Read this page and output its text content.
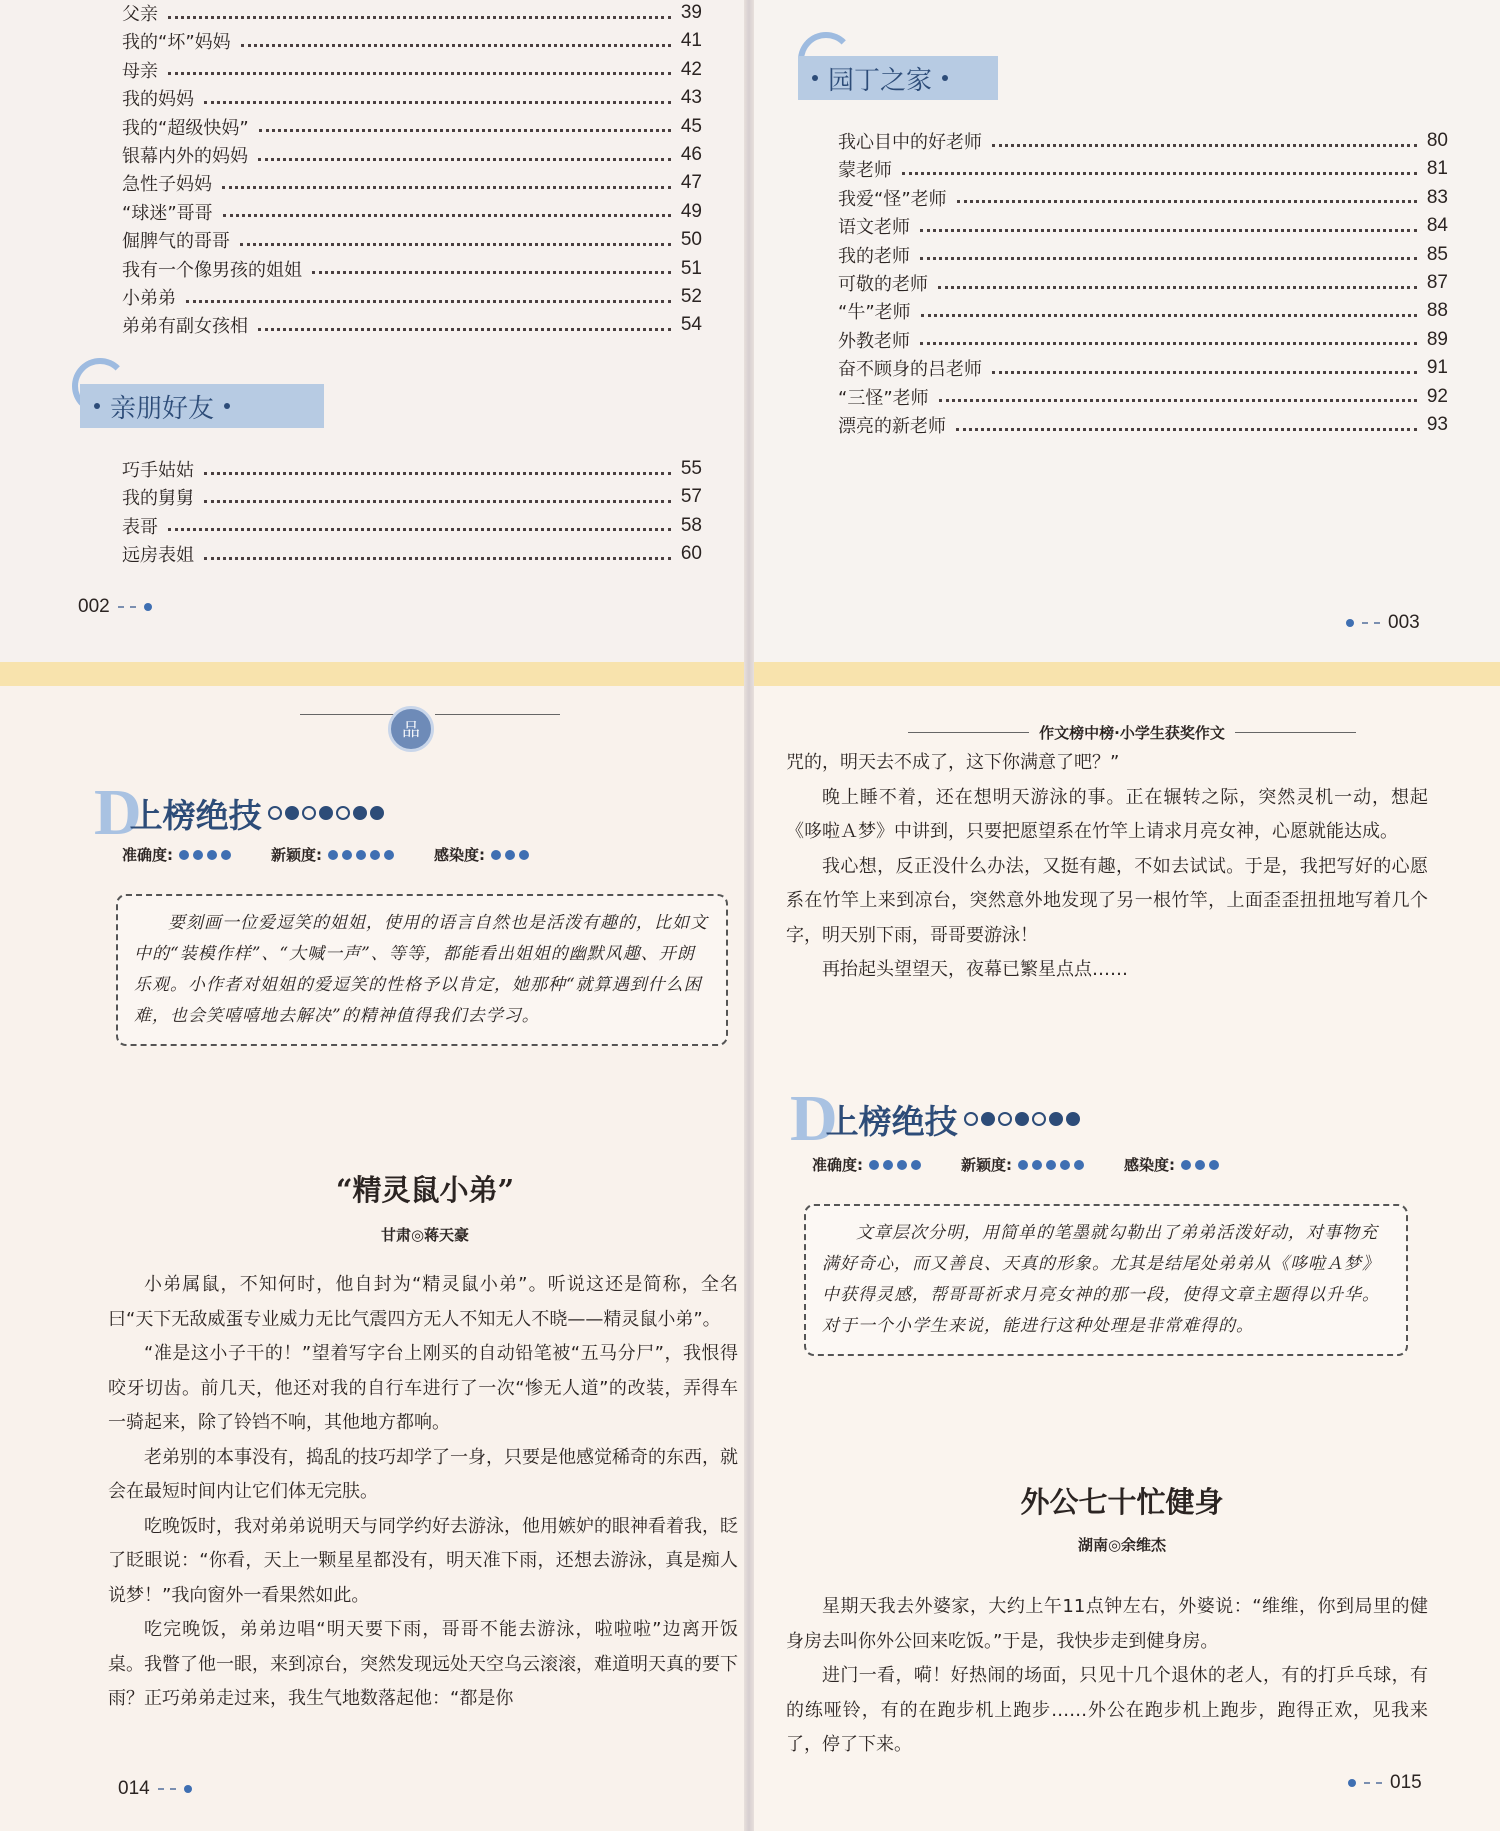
父亲	39
我的“坏”妈妈	41
母亲	42
我的妈妈	43
我的“超级快妈”	45
银幕内外的妈妈	46
急性子妈妈	47
“球迷”哥哥	49
倔脾气的哥哥	50
我有一个像男孩的姐姐	51
小弟弟	52
弟弟有副女孩相	54
亲朋好友
巧手姑姑	55
我的舅舅	57
表哥	58
远房表姐	60
002
园丁之家
我心目中的好老师	80
蒙老师	81
我爱“怪”老师	83
语文老师	84
我的老师	85
可敬的老师	87
“牛”老师	88
外教老师	89
奋不顾身的吕老师	91
“三怪”老师	92
漂亮的新老师	93
003
品
D
上榜绝技
准确度:	新颖度:	感染度:
要刻画一位爱逗笑的姐姐，使用的语言自然也是活泼有趣的，比如文中的“装模作样”、“大喊一声”、等等，都能看出姐姐的幽默风趣、开朗乐观。小作者对姐姐的爱逗笑的性格予以肯定，她那种“就算遇到什么困难，也会笑嘻嘻地去解决”的精神值得我们去学习。
“精灵鼠小弟”
甘肃◎蒋天豪

小弟属鼠，不知何时，他自封为“精灵鼠小弟”。听说这还是简称，全名曰“天下无敌威蛋专业威力无比气震四方无人不知无人不晓——精灵鼠小弟”。

“准是这小子干的！”望着写字台上刚买的自动铅笔被“五马分尸”，我恨得咬牙切齿。前几天，他还对我的自行车进行了一次“惨无人道”的改装，弄得车一骑起来，除了铃铛不响，其他地方都响。

老弟别的本事没有，捣乱的技巧却学了一身，只要是他感觉稀奇的东西，就会在最短时间内让它们体无完肤。

吃晚饭时，我对弟弟说明天与同学约好去游泳，他用嫉妒的眼神看着我，眨了眨眼说：“你看，天上一颗星星都没有，明天准下雨，还想去游泳，真是痴人说梦！”我向窗外一看果然如此。

吃完晚饭，弟弟边唱“明天要下雨，哥哥不能去游泳，啦啦啦”边离开饭桌。我瞥了他一眼，来到凉台，突然发现远处天空乌云滚滚，难道明天真的要下雨？正巧弟弟走过来，我生气地数落起他：“都是你

014
作文榜中榜·小学生获奖作文

咒的，明天去不成了，这下你满意了吧？”

晚上睡不着，还在想明天游泳的事。正在辗转之际，突然灵机一动，想起《哆啦Ａ梦》中讲到，只要把愿望系在竹竿上请求月亮女神，心愿就能达成。

我心想，反正没什么办法，又挺有趣，不如去试试。于是，我把写好的心愿系在竹竿上来到凉台，突然意外地发现了另一根竹竿，上面歪歪扭扭地写着几个字，明天别下雨，哥哥要游泳！

再抬起头望望天，夜幕已繁星点点……

D
上榜绝技
准确度:	新颖度:	感染度:
文章层次分明，用简单的笔墨就勾勒出了弟弟活泼好动，对事物充满好奇心，而又善良、天真的形象。尤其是结尾处弟弟从《哆啦Ａ梦》中获得灵感，帮哥哥祈求月亮女神的那一段，使得文章主题得以升华。对于一个小学生来说，能进行这种处理是非常难得的。
外公七十忙健身
湖南◎余维杰

星期天我去外婆家，大约上午11点钟左右，外婆说：“维维，你到局里的健身房去叫你外公回来吃饭。”于是，我快步走到健身房。

进门一看，嗬！好热闹的场面，只见十几个退休的老人，有的打乒乓球，有的练哑铃，有的在跑步机上跑步……外公在跑步机上跑步，跑得正欢，见我来了，停了下来。

015
